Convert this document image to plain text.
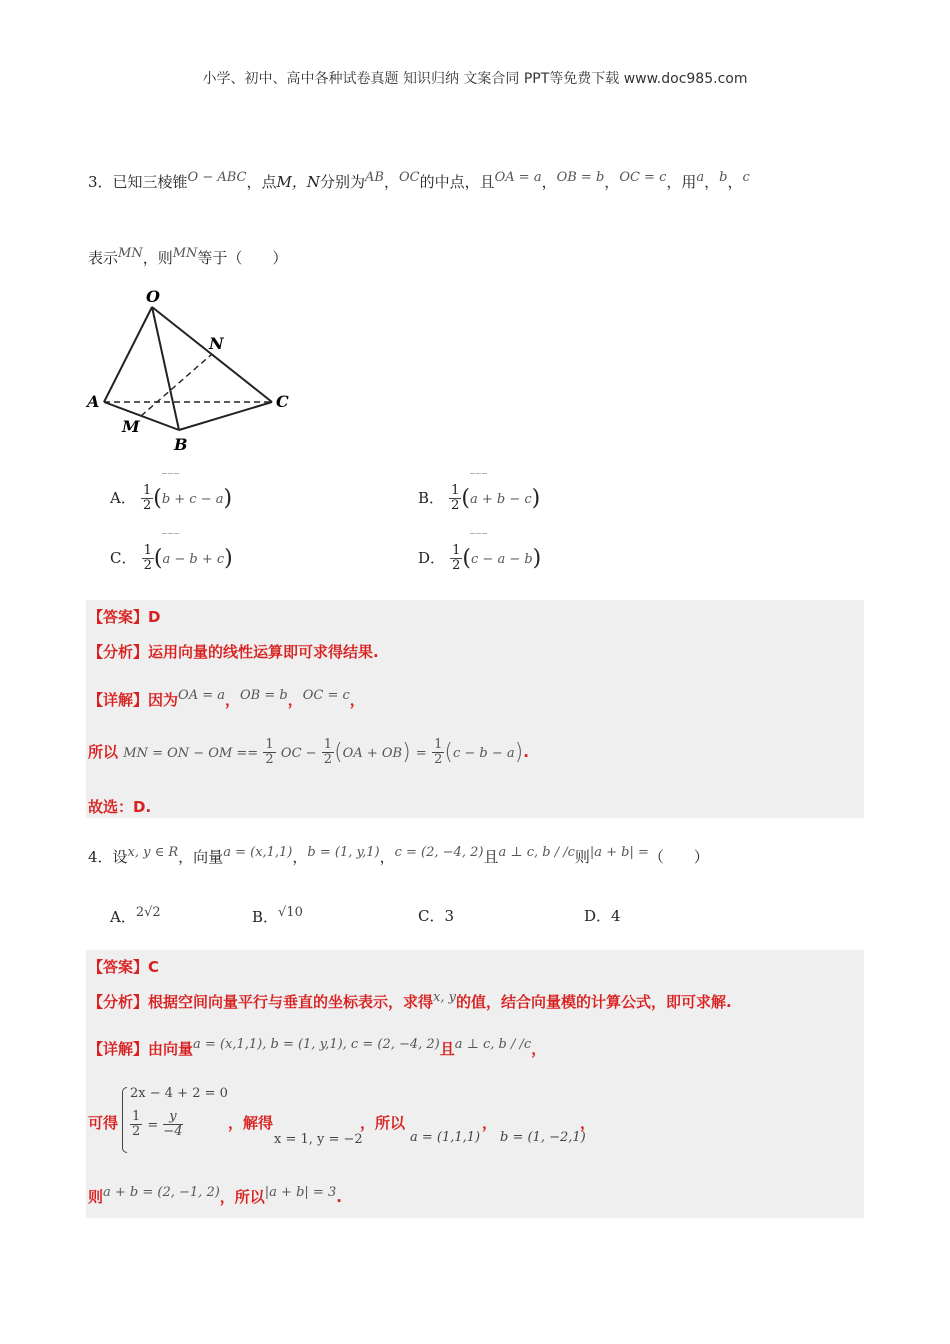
小学、初中、高中各种试卷真题 知识归纳 文案合同 PPT等免费下载 www.doc985.com
3．已知三棱锥$^{O - ABC}$，点M，N分别为$^{AB}$，$^{OC}$的中点，且$^{OA = a}$，$^{OB = b}$，$^{OC = c}$，用$^a$，$^b$，$^c$
表示$^{MN}$，则$^{MN}$等于（　　）
O
N
A	C
M
B
A． $\frac{1}{2} (b + c - a)$
‾‾‾
B． $\frac{1}{2} (a + b - c)$
‾‾‾
C． $\frac{1}{2} (a - b + c)$
‾‾‾
D． $\frac{1}{2} (c - a - b)$
‾‾‾
【答案】D
【分析】运用向量的线性运算即可求得结果.
【详解】因为$^{OA = a}$，$^{OB = b}$，$^{OC = c}$，
所以 MN = ON − OM == $\frac{1}{2}$ OC − $\frac{1}{2} (OA + OB) = \frac{1}{2} (c - b - a)$.
故选：D.
4．设$^{x, y \in R}$，向量$^{a = (x,1,1)}$，$^{b = (1, y,1)}$，$^{c = (2, -4, 2)}$且$^{a \perp c, b / /c}$则$^{|a + b| =}$（　　）
A．$^{2√2}$	B．$^{√10}$	C．3	D．4
【答案】C
【分析】根据空间向量平行与垂直的坐标表示，求得$^{x, y}$的值，结合向量模的计算公式，即可求解.
【详解】由向量$^{a = (x,1,1), b = (1, y,1), c = (2, -4, 2)}$且$^{a \perp c, b / /c}$，
可得
2x − 4 + 2 = 0
$\frac{1}{2} = \frac{y}{-4}$	，解得
x = 1, y = −2
，所以
a = (1,1,1)
，
b = (1, −2,1)
，
则$^{a + b = (2, -1, 2)}$，所以$^{|a + b| = 3}$.
